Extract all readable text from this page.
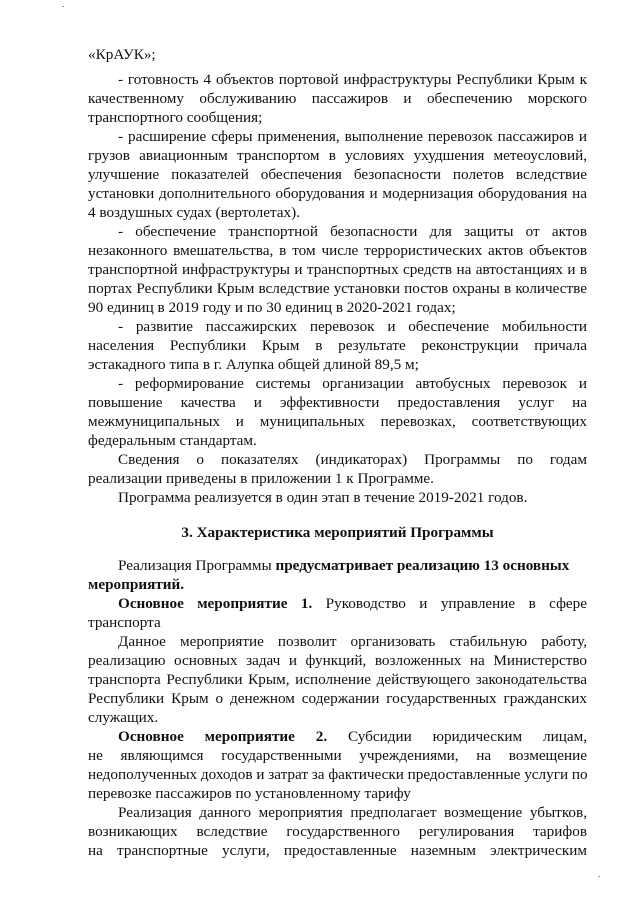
«КрАУК»;
- готовность 4 объектов портовой инфраструктуры Республики Крым к
качественному обслуживанию пассажиров и обеспечению морского
транспортного сообщения;
- расширение сферы применения, выполнение перевозок пассажиров и
грузов авиационным транспортом в условиях ухудшения метеоусловий,
улучшение показателей обеспечения безопасности полетов вследствие
установки дополнительного оборудования и модернизация оборудования на
4 воздушных судах (вертолетах).
- обеспечение транспортной безопасности для защиты от актов
незаконного вмешательства, в том числе террористических актов объектов
транспортной инфраструктуры и транспортных средств на автостанциях и в
портах Республики Крым вследствие установки постов охраны в количестве
90 единиц в 2019 году и по 30 единиц в 2020-2021 годах;
- развитие пассажирских перевозок и обеспечение мобильности
населения Республики Крым в результате реконструкции причала
эстакадного типа в г. Алупка общей длиной 89,5 м;
- реформирование системы организации автобусных перевозок и
повышение качества и эффективности предоставления услуг на
межмуниципальных и муниципальных перевозках, соответствующих
федеральным стандартам.
Сведения о показателях (индикаторах) Программы по годам
реализации приведены в приложении 1 к Программе.
Программа реализуется в один этап в течение 2019-2021 годов.
3. Характеристика мероприятий Программы
Реализация Программы предусматривает реализацию 13 основных
мероприятий.
Основное мероприятие 1. Руководство и управление в сфере
транспорта
Данное мероприятие позволит организовать стабильную работу,
реализацию основных задач и функций, возложенных на Министерство
транспорта Республики Крым, исполнение действующего законодательства
Республики Крым о денежном содержании государственных гражданских
служащих.
Основное мероприятие 2. Субсидии юридическим лицам,
не являющимся государственными учреждениями, на возмещение
недополученных доходов и затрат за фактически предоставленные услуги по
перевозке пассажиров по установленному тарифу
Реализация данного мероприятия предполагает возмещение убытков,
возникающих вследствие государственного регулирования тарифов
на транспортные услуги, предоставленные наземным электрическим
